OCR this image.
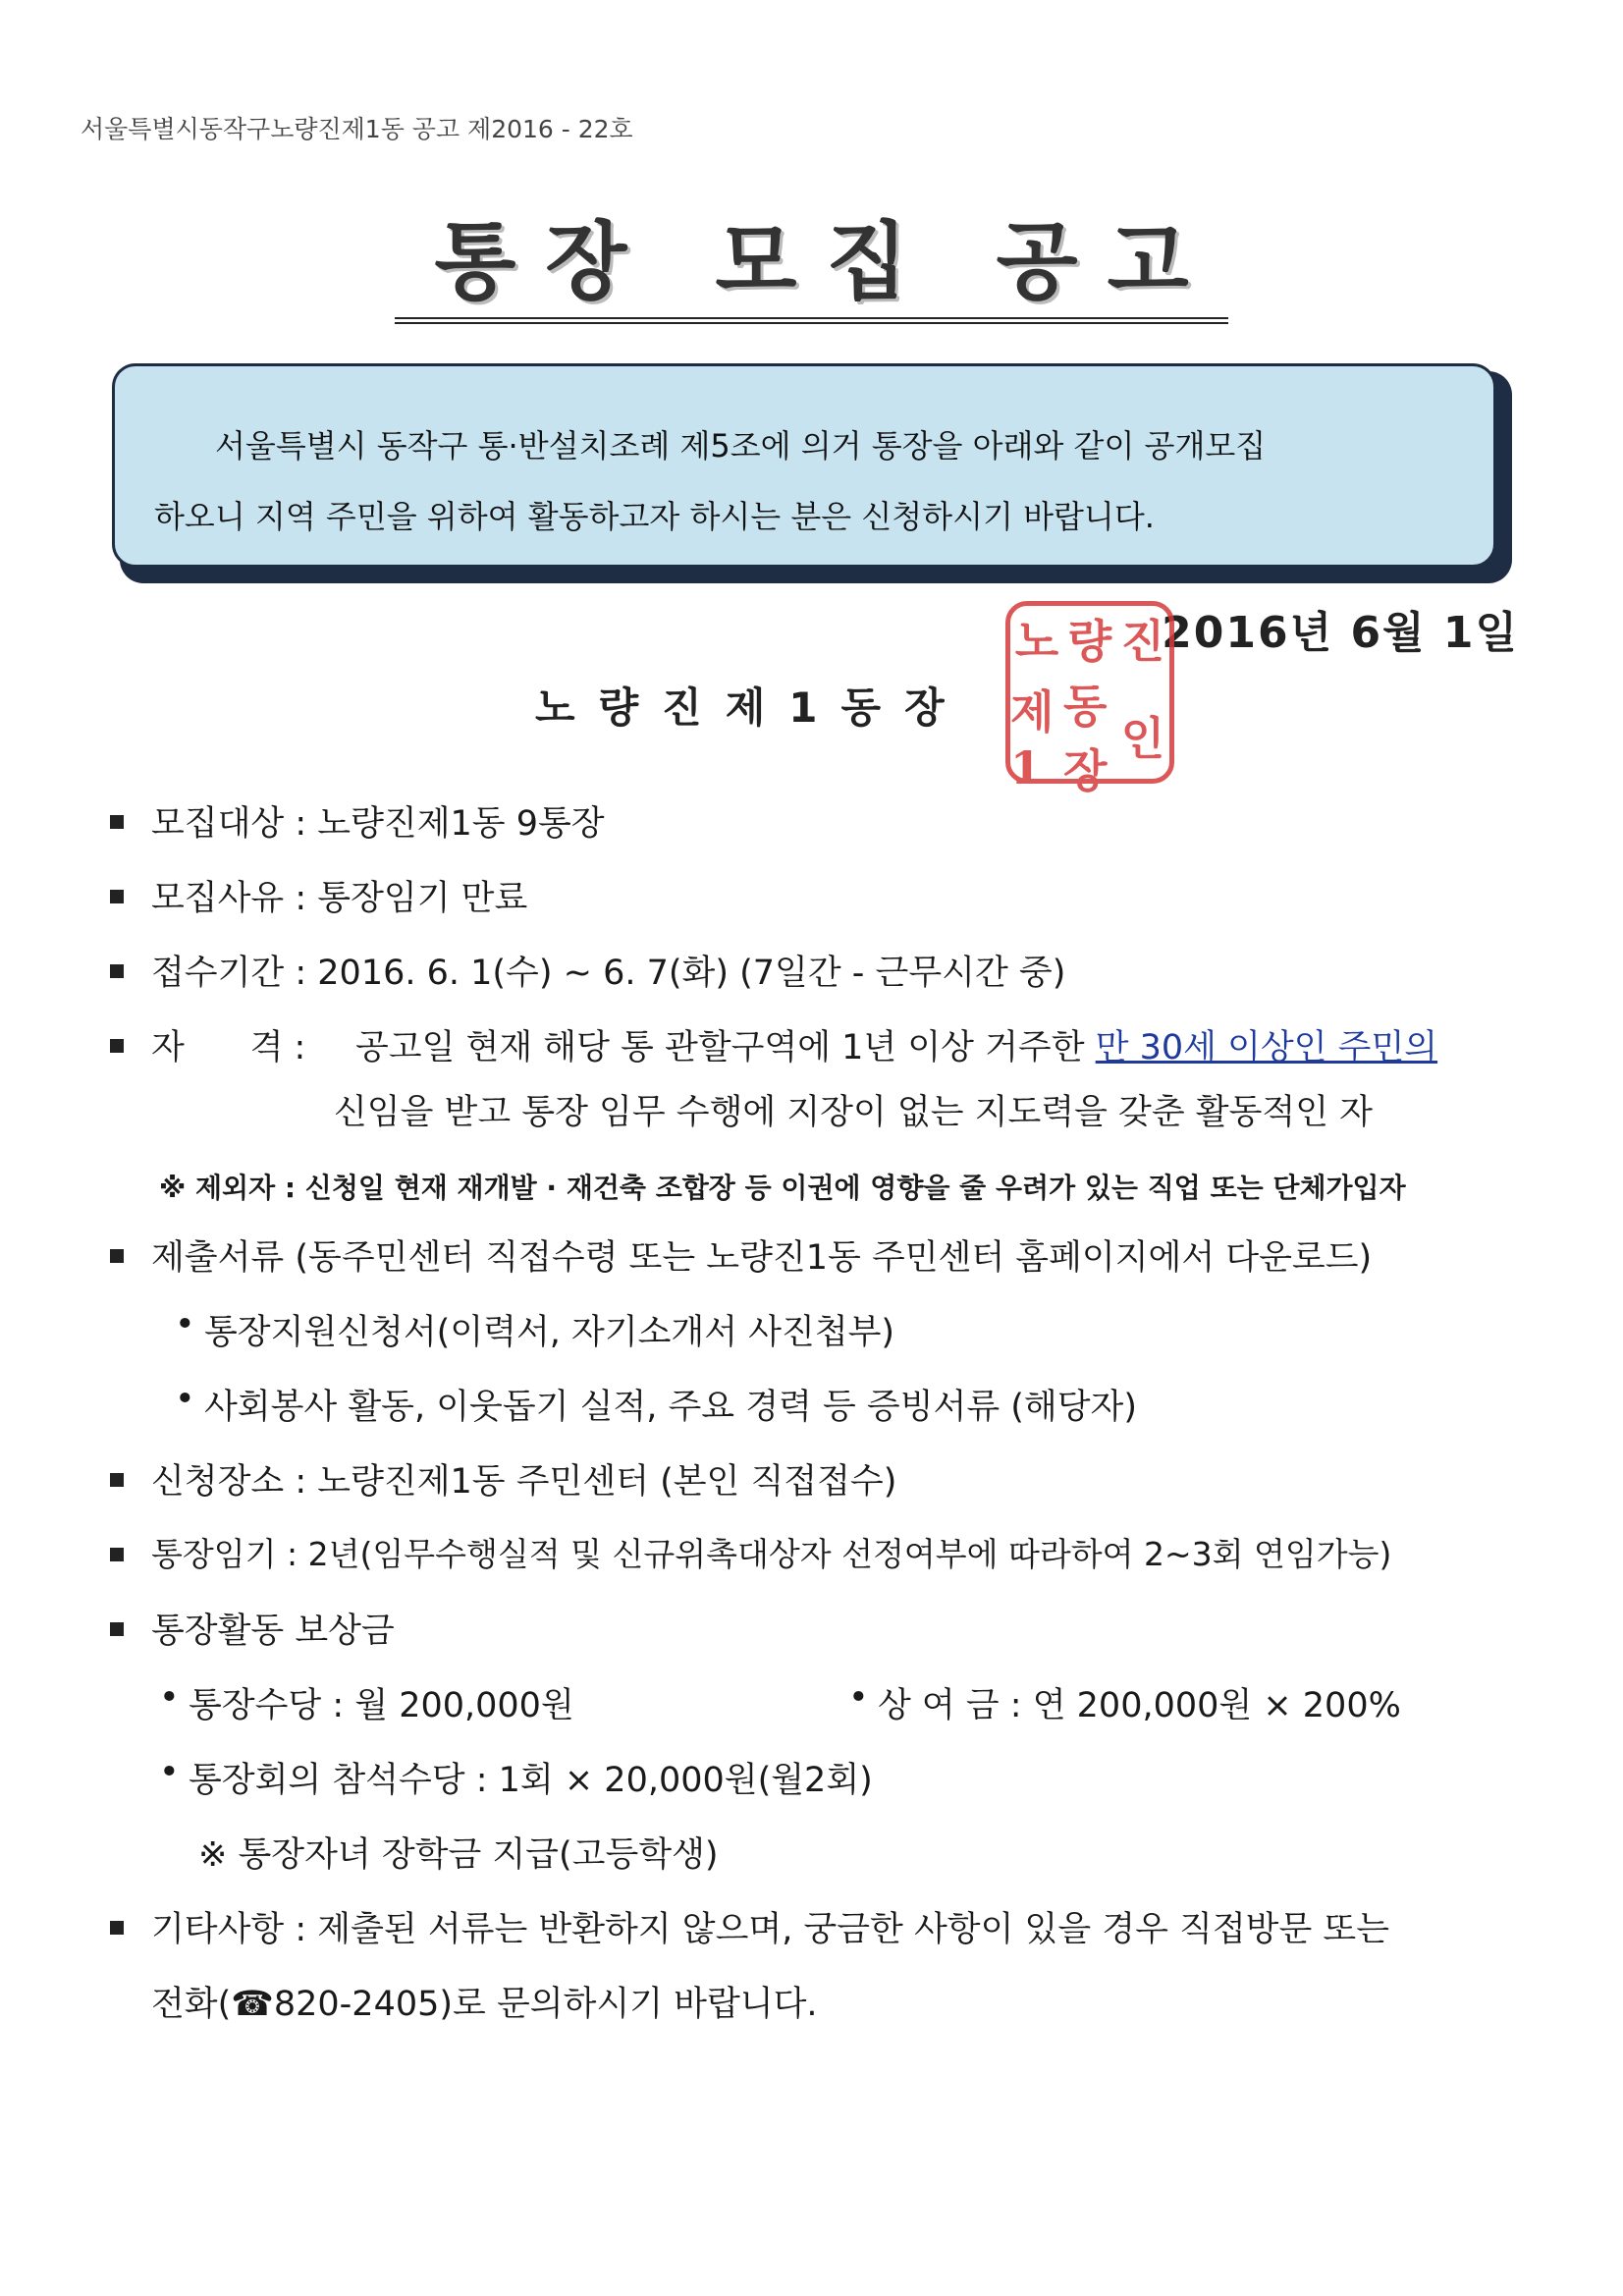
서울특별시동작구노량진제1동 공고 제2016 - 22호
통장 모집 공고

서울특별시 동작구 통·반설치조례 제5조에 의거 통장을 아래와 같이 공개모집

하오니 지역 주민을 위하여 활동하고자 하시는 분은 신청하시기 바랍니다.

2016년 6월 1일
노량진제1동장
노 량 진
제1
동장
인
모집대상 : 노량진제1동 9통장
모집사유 : 통장임기 만료
접수기간 : 2016. 6. 1(수) ~ 6. 7(화) (7일간 - 근무시간 중)
자      격 : 공고일 현재 해당 통 관할구역에 1년 이상 거주한 만 30세 이상인 주민의
신임을 받고 통장 임무 수행에 지장이 없는 지도력을 갖춘 활동적인 자
※ 제외자 : 신청일 현재 재개발 · 재건축 조합장 등 이권에 영향을 줄 우려가 있는 직업 또는 단체가입자
제출서류 (동주민센터 직접수령 또는 노량진1동 주민센터 홈페이지에서 다운로드)
• 통장지원신청서(이력서, 자기소개서 사진첩부)
• 사회봉사 활동, 이웃돕기 실적, 주요 경력 등 증빙서류 (해당자)
신청장소 : 노량진제1동 주민센터 (본인 직접접수)
통장임기 : 2년(임무수행실적 및 신규위촉대상자 선정여부에 따라하여 2~3회 연임가능)
통장활동 보상금
• 통장수당 : 월 200,000원	• 상 여 금 : 연 200,000원 × 200%
• 통장회의 참석수당 : 1회 × 20,000원(월2회)
※ 통장자녀 장학금 지급(고등학생)
기타사항 : 제출된 서류는 반환하지 않으며, 궁금한 사항이 있을 경우 직접방문 또는
전화(☎820-2405)로 문의하시기 바랍니다.
